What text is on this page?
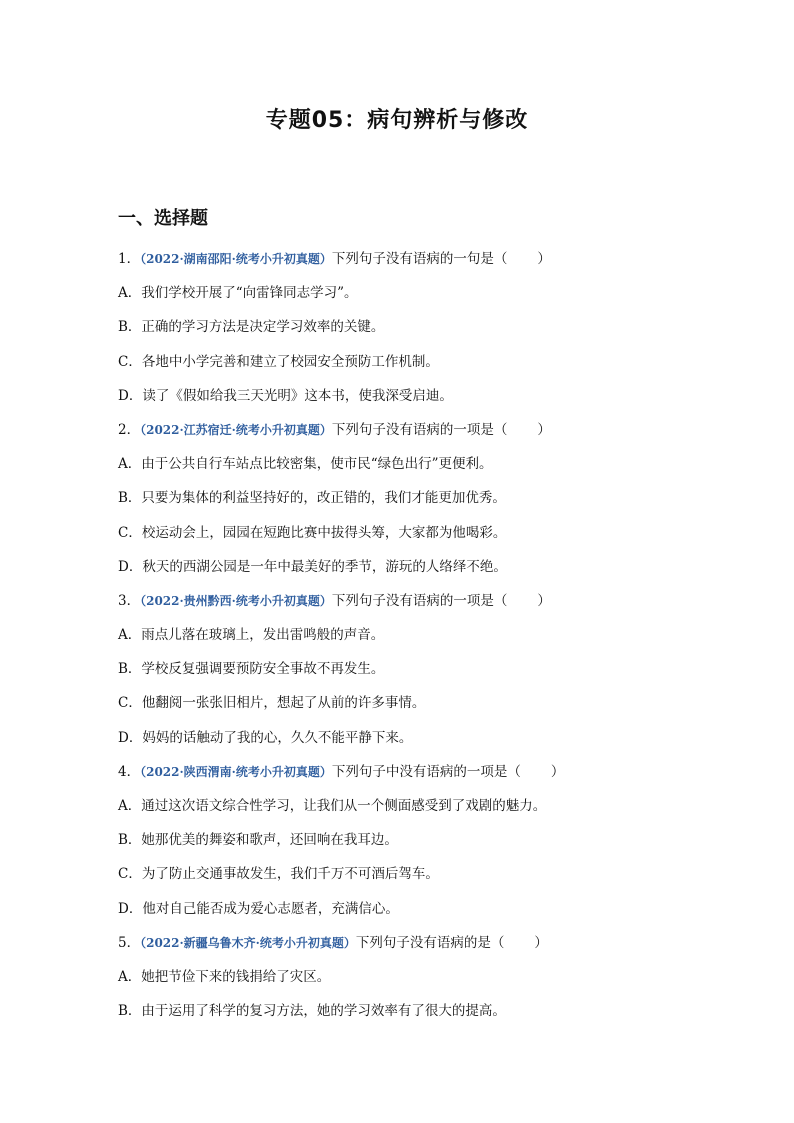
专题05：病句辨析与修改
一、选择题
1．（2022·湖南邵阳·统考小升初真题）下列句子没有语病的一句是（ ）
A．我们学校开展了“向雷锋同志学习”。
B．正确的学习方法是决定学习效率的关键。
C．各地中小学完善和建立了校园安全预防工作机制。
D．读了《假如给我三天光明》这本书，使我深受启迪。
2．（2022·江苏宿迁·统考小升初真题）下列句子没有语病的一项是（ ）
A．由于公共自行车站点比较密集，使市民“绿色出行”更便利。
B．只要为集体的利益坚持好的，改正错的，我们才能更加优秀。
C．校运动会上，园园在短跑比赛中拔得头筹，大家都为他喝彩。
D．秋天的西湖公园是一年中最美好的季节，游玩的人络绎不绝。
3．（2022·贵州黔西·统考小升初真题）下列句子没有语病的一项是（ ）
A．雨点儿落在玻璃上，发出雷鸣般的声音。
B．学校反复强调要预防安全事故不再发生。
C．他翻阅一张张旧相片，想起了从前的许多事情。
D．妈妈的话触动了我的心，久久不能平静下来。
4．（2022·陕西渭南·统考小升初真题）下列句子中没有语病的一项是（ ）
A．通过这次语文综合性学习，让我们从一个侧面感受到了戏剧的魅力。
B．她那优美的舞姿和歌声，还回响在我耳边。
C．为了防止交通事故发生，我们千万不可酒后驾车。
D．他对自己能否成为爱心志愿者，充满信心。
5．（2022·新疆乌鲁木齐·统考小升初真题）下列句子没有语病的是（ ）
A．她把节俭下来的钱捐给了灾区。
B．由于运用了科学的复习方法，她的学习效率有了很大的提高。
